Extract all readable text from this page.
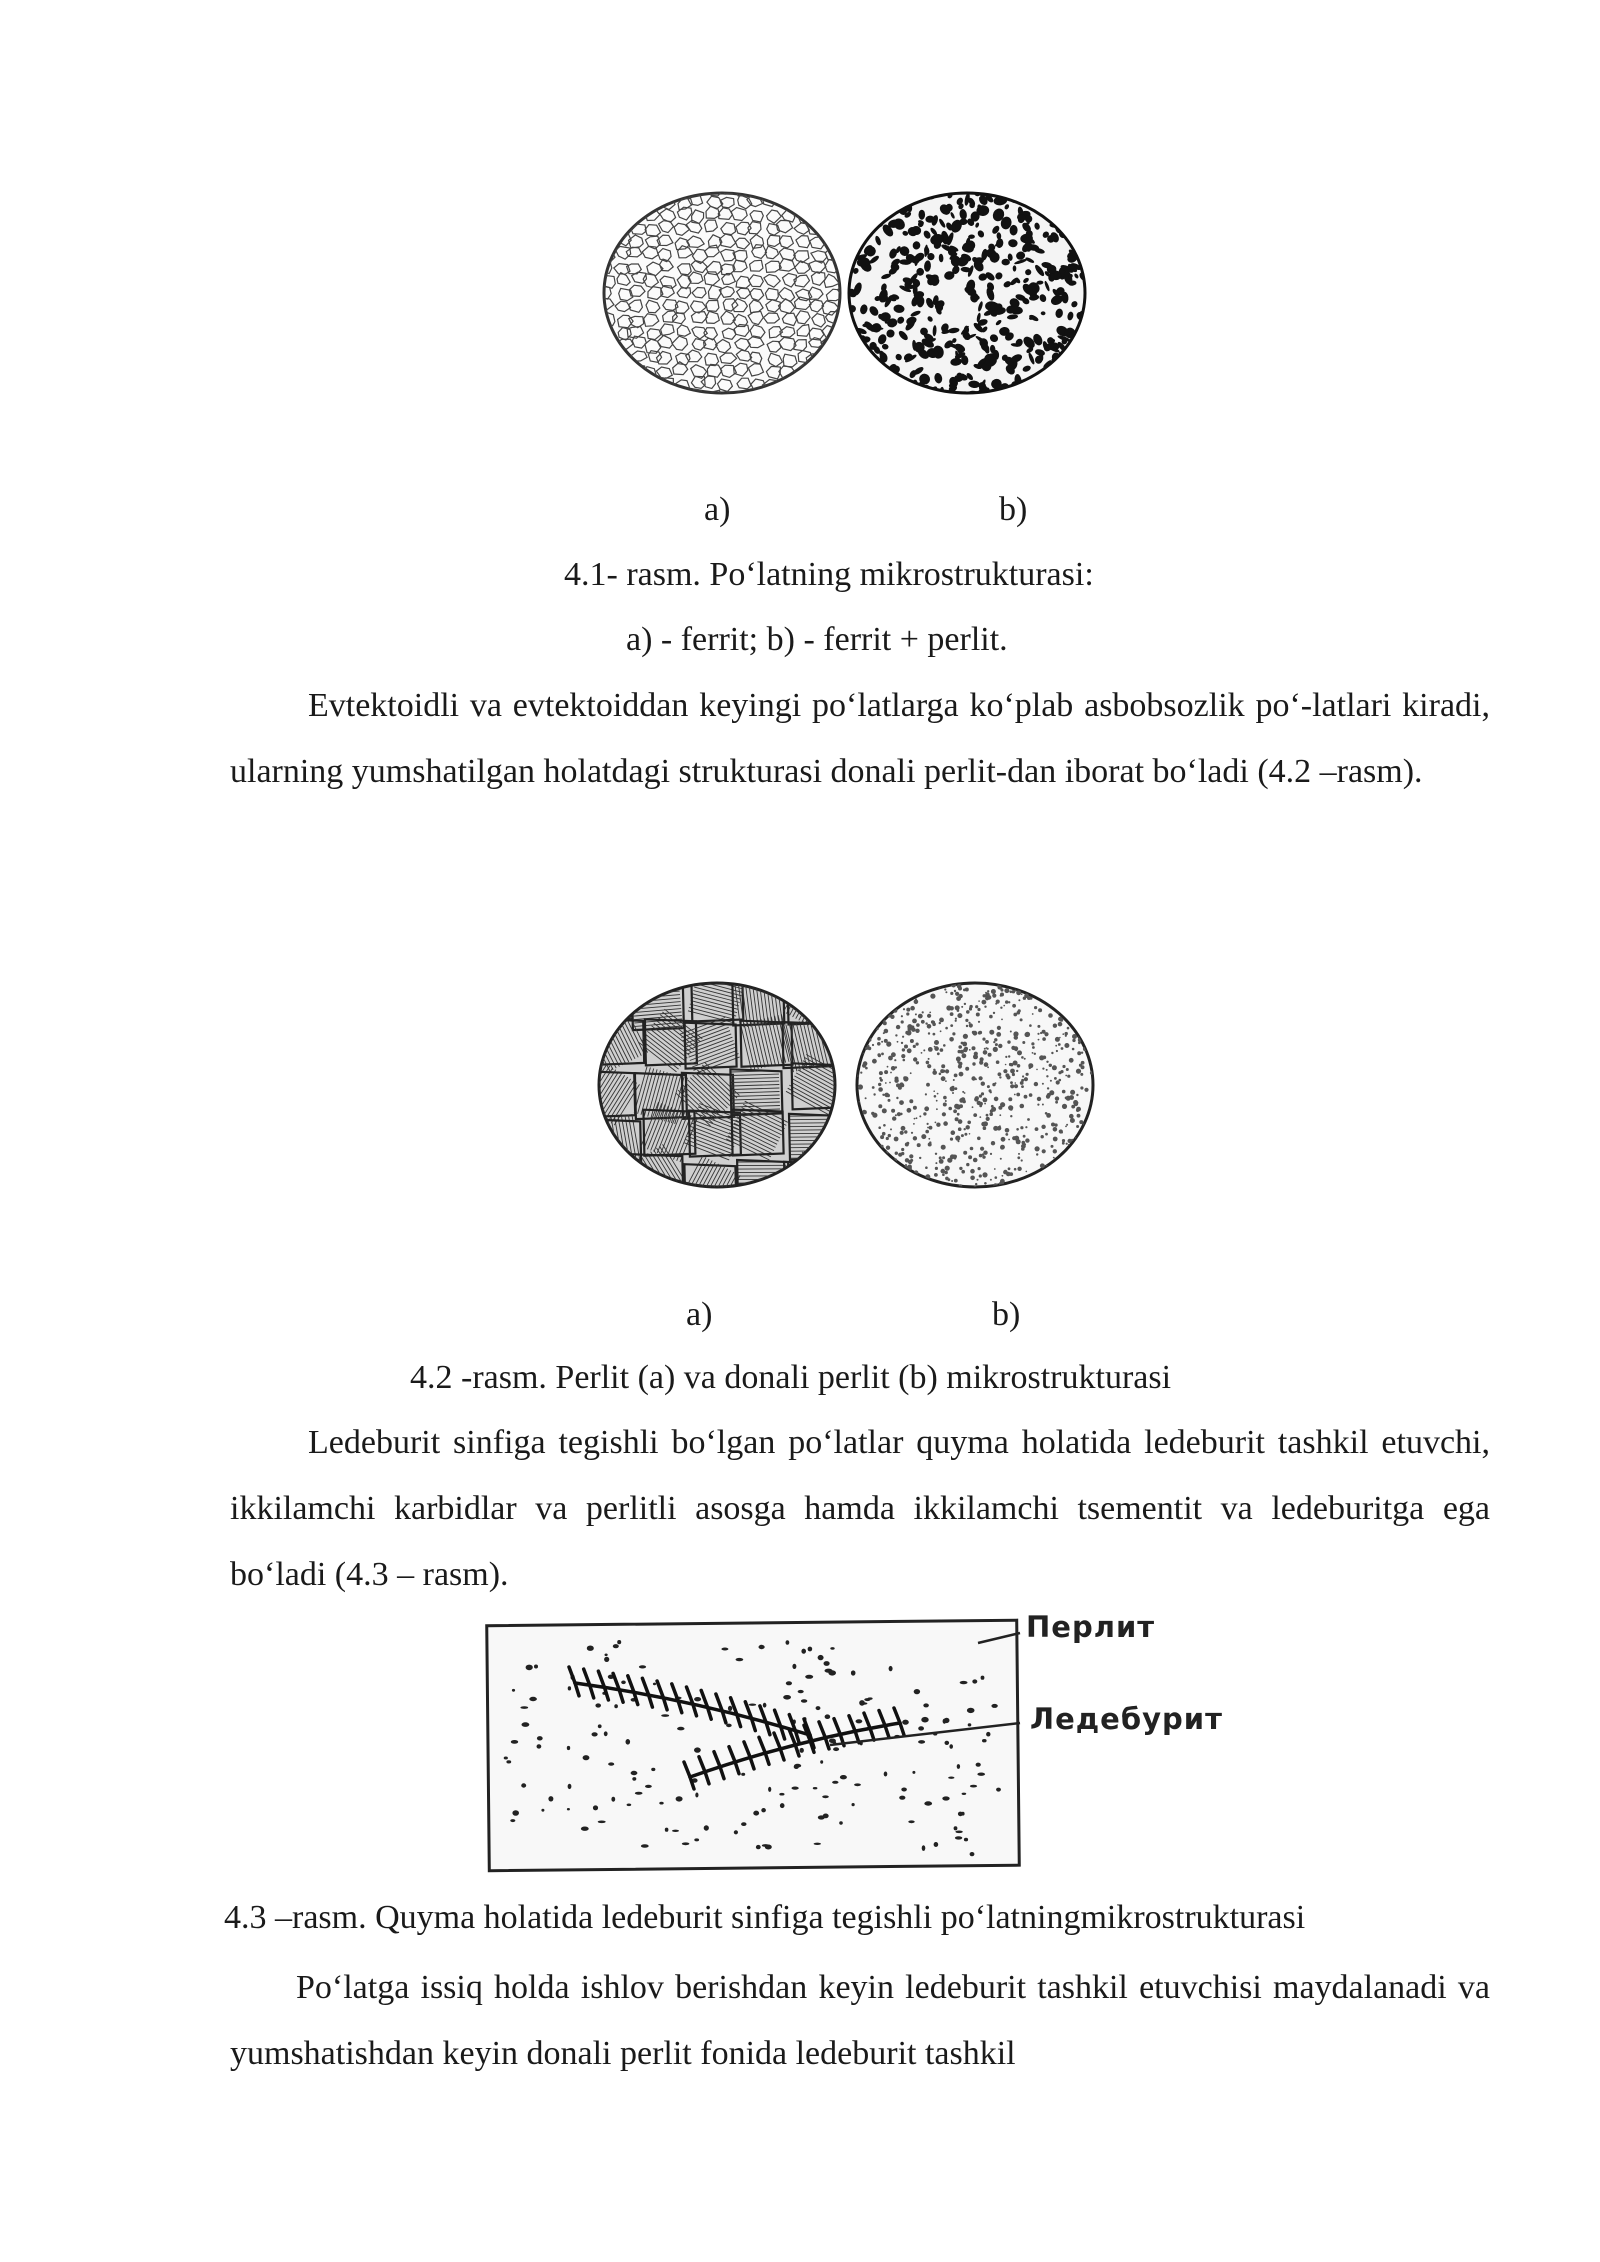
a)	b)
4.1- rasm. Po‘latning mikrostrukturasi:
a) - ferrit; b) - ferrit + perlit.
Evtektoidli va evtektoiddan keyingi po‘latlarga ko‘plab asbobsozlik po‘-latlari kiradi, ularning yumshatilgan holatdagi strukturasi donali perlit-dan iborat bo‘ladi (4.2 –rasm).
a)	b)
4.2 -rasm. Perlit (a) va donali perlit (b) mikrostrukturasi
Ledeburit sinfiga tegishli bo‘lgan po‘latlar quyma holatida ledeburit tashkil etuvchi, ikkilamchi karbidlar va perlitli asosga hamda ikkilamchi tsementit va ledeburitga ega bo‘ladi (4.3 – rasm).
Перлит
Ледебурит
4.3 –rasm. Quyma holatida ledeburit sinfiga tegishli po‘latningmikrostrukturasi
Po‘latga issiq holda ishlov berishdan keyin ledeburit tashkil etuvchisi maydalanadi va yumshatishdan keyin donali perlit fonida ledeburit tashkil
